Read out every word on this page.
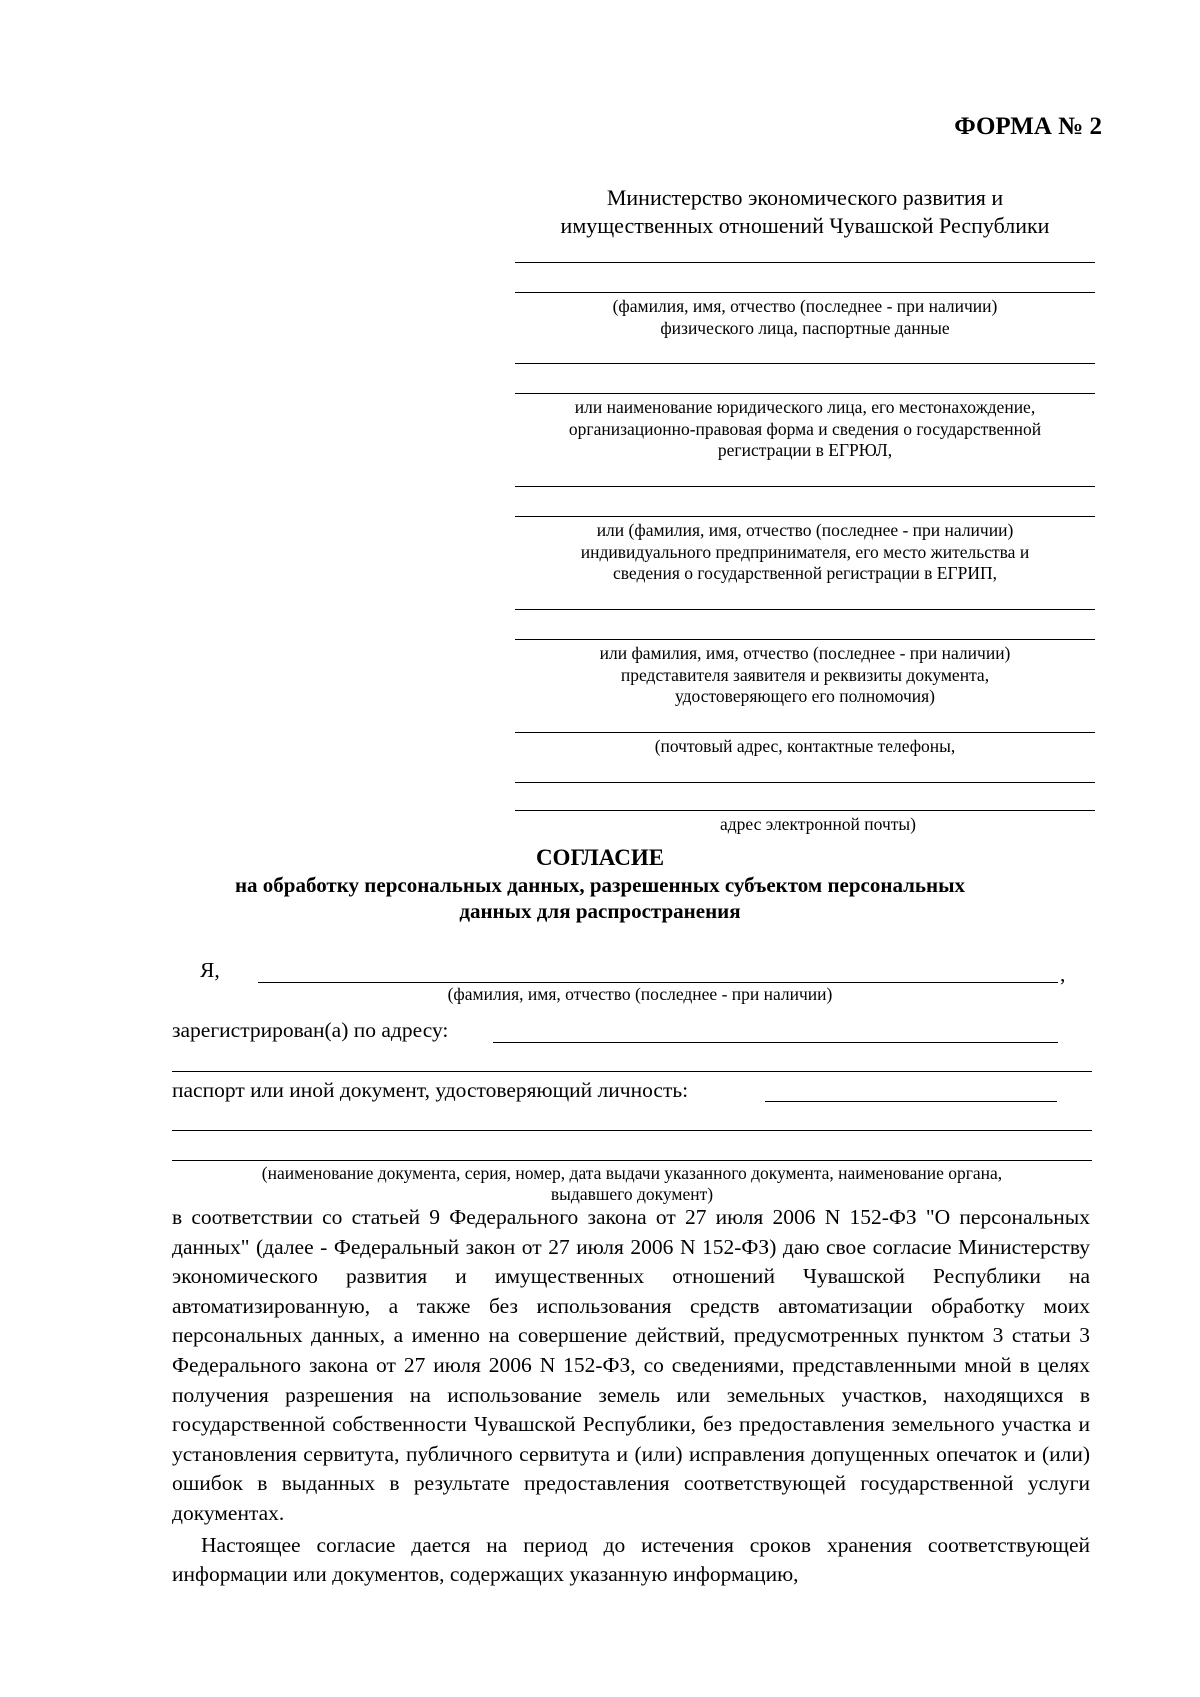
ФОРМА № 2
Министерство экономического развития и
имущественных отношений Чувашской Республики
(фамилия, имя, отчество (последнее - при наличии)
физического лица, паспортные данные
или наименование юридического лица, его местонахождение,
организационно-правовая форма и сведения о государственной
регистрации в ЕГРЮЛ,
или (фамилия, имя, отчество (последнее - при наличии)
индивидуального предпринимателя, его место жительства и
сведения о государственной регистрации в ЕГРИП,
или фамилия, имя, отчество (последнее - при наличии)
представителя заявителя и реквизиты документа,
удостоверяющего его полномочия)
(почтовый адрес, контактные телефоны,
адрес электронной почты)
СОГЛАСИЕ
на обработку персональных данных, разрешенных субъектом персональных
данных для распространения
Я,	,
(фамилия, имя, отчество (последнее - при наличии)
зарегистрирован(а) по адресу:
паспорт или иной документ, удостоверяющий личность:
(наименование документа, серия, номер, дата выдачи указанного документа, наименование органа,
выдавшего документ)

в соответствии со статьей 9 Федерального закона от 27 июля 2006 N 152-ФЗ "О персональных данных" (далее - Федеральный закон от 27 июля 2006 N 152-ФЗ) даю свое согласие Министерству экономического развития и имущественных отношений Чувашской Республики на автоматизированную, а также без использования средств автоматизации обработку моих персональных данных, а именно на совершение действий, предусмотренных пунктом 3 статьи 3 Федерального закона от 27 июля 2006 N 152-ФЗ, со сведениями, представленными мной в целях получения разрешения на использование земель или земельных участков, находящихся в государственной собственности Чувашской Республики, без предоставления земельного участка и установления сервитута, публичного сервитута и (или) исправления допущенных опечаток и (или) ошибок в выданных в результате предоставления соответствующей государственной услуги документах.

Настоящее согласие дается на период до истечения сроков хранения соответствующей информации или документов, содержащих указанную информацию,
